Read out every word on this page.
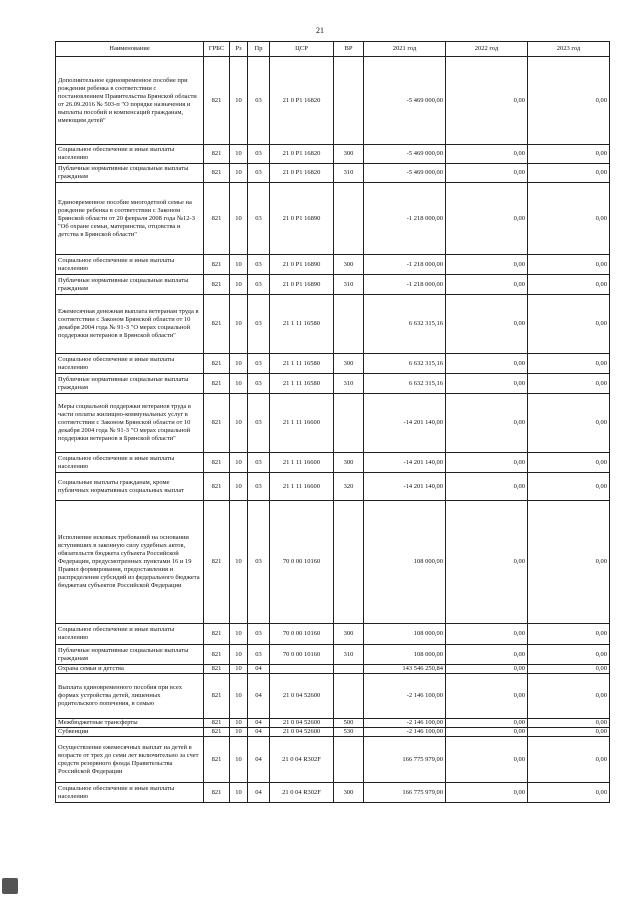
21
Наименование	ГРБС	Рз	Пр	ЦСР	ВР	2021 год	2022 год	2023 год
Дополнительное единовременное пособие при рождении ребенка в соответствии с постановлением Правительства Брянской области от 26.09.2016 № 503-п "О порядке назначения и выплаты пособий и компенсаций гражданам, имеющим детей"	821	10	03	21 0 P1 16820		-5 469 000,00	0,00	0,00
Социальное обеспечение и иные выплаты населению	821	10	03	21 0 P1 16820	300	-5 469 000,00	0,00	0,00
Публичные нормативные социальные выплаты гражданам	821	10	03	21 0 P1 16820	310	-5 469 000,00	0,00	0,00
Единовременное пособие многодетной семье на рождение ребенка в соответствии с Законом Брянской области от 20 февраля 2008 года №12-З "Об охране семьи, материнства, отцовства и детства в Брянской области"	821	10	03	21 0 P1 16890		-1 218 000,00	0,00	0,00
Социальное обеспечение и иные выплаты населению	821	10	03	21 0 P1 16890	300	-1 218 000,00	0,00	0,00
Публичные нормативные социальные выплаты гражданам	821	10	03	21 0 P1 16890	310	-1 218 000,00	0,00	0,00
Ежемесячная денежная выплата ветеранам труда в соответствии с Законом Брянской области от 10 декабря 2004 года № 91-З "О мерах социальной поддержки ветеранов в Брянской области"	821	10	03	21 1 11 16580		6 632 315,16	0,00	0,00
Социальное обеспечение и иные выплаты населению	821	10	03	21 1 11 16580	300	6 632 315,16	0,00	0,00
Публичные нормативные социальные выплаты гражданам	821	10	03	21 1 11 16580	310	6 632 315,16	0,00	0,00
Меры социальной поддержки ветеранов труда в части оплаты жилищно-коммунальных услуг в соответствии с Законом Брянской области от 10 декабря 2004 года № 91-З "О мерах социальной поддержки ветеранов в Брянской области"	821	10	03	21 1 11 16600		-14 201 140,00	0,00	0,00
Социальное обеспечение и иные выплаты населению	821	10	03	21 1 11 16600	300	-14 201 140,00	0,00	0,00
Социальные выплаты гражданам, кроме публичных нормативных социальных выплат	821	10	03	21 1 11 16600	320	-14 201 140,00	0,00	0,00
Исполнение исковых требований на основании вступивших в законную силу судебных актов, обязательств бюджета субъекта Российской Федерации, предусмотренных пунктами 16 и 19 Правил формирования, предоставления и распределения субсидий из федерального бюджета бюджетам субъектов Российской Федерации	821	10	03	70 0 00 10160		108 000,00	0,00	0,00
Социальное обеспечение и иные выплаты населению	821	10	03	70 0 00 10160	300	108 000,00	0,00	0,00
Публичные нормативные социальные выплаты гражданам	821	10	03	70 0 00 10160	310	108 000,00	0,00	0,00
Охрана семьи и детства	821	10	04			143 546 250,84	0,00	0,00
Выплата единовременного пособия при всех формах устройства детей, лишенных родительского попечения, в семью	821	10	04	21 0 04 52600		-2 146 100,00	0,00	0,00
Межбюджетные трансферты	821	10	04	21 0 04 52600	500	-2 146 100,00	0,00	0,00
Субвенции	821	10	04	21 0 04 52600	530	-2 146 100,00	0,00	0,00
Осуществление ежемесячных выплат на детей в возрасте от трех до семи лет включительно за счет средств резервного фонда Правительства Российской Федерации	821	10	04	21 0 04 R302F		166 775 979,00	0,00	0,00
Социальное обеспечение и иные выплаты населению	821	10	04	21 0 04 R302F	300	166 775 979,00	0,00	0,00
